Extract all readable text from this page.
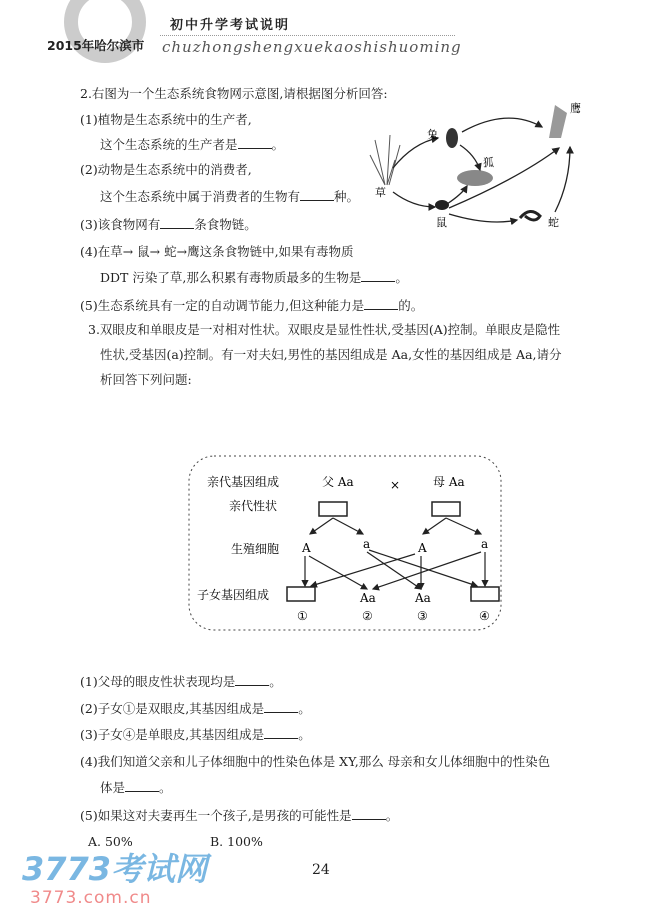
初中升学考试说明
2015年哈尔滨市 chuzhongshengxuekaoshishuoming
2.右图为一个生态系统食物网示意图,请根据图分析回答:
(1)植物是生态系统中的生产者,
这个生态系统的生产者是	。
(2)动物是生态系统中的消费者,
这个生态系统中属于消费者的生物有	种。
(3)该食物网有	条食物链。
(4)在草→ 鼠→ 蛇→鹰这条食物链中,如果有毒物质
DDT 污染了草,那么积累有毒物质最多的生物是	。
(5)生态系统具有一定的自动调节能力,但这种能力是	的。
兔
狐
草
鼠	蛇
鹰
3.双眼皮和单眼皮是一对相对性状。双眼皮是显性性状,受基因(A)控制。单眼皮是隐性
性状,受基因(a)控制。有一对夫妇,男性的基因组成是 Aa,女性的基因组成是 Aa,请分
析回答下列问题:
亲代基因组成
亲代性状
生殖细胞
子女基因组成
父 Aa	×	母 Aa
A	a	A	a
Aa	Aa
①	②	③	④
(1)父母的眼皮性状表现均是	。
(2)子女①是双眼皮,其基因组成是	。
(3)子女④是单眼皮,其基因组成是	。
(4)我们知道父亲和儿子体细胞中的性染色体是 XY,那么 母亲和女儿体细胞中的性染色
体是	。
(5)如果这对夫妻再生一个孩子,是男孩的可能性是	。
A. 50%	B. 100%
24
3773考试网
3773.com.cn
